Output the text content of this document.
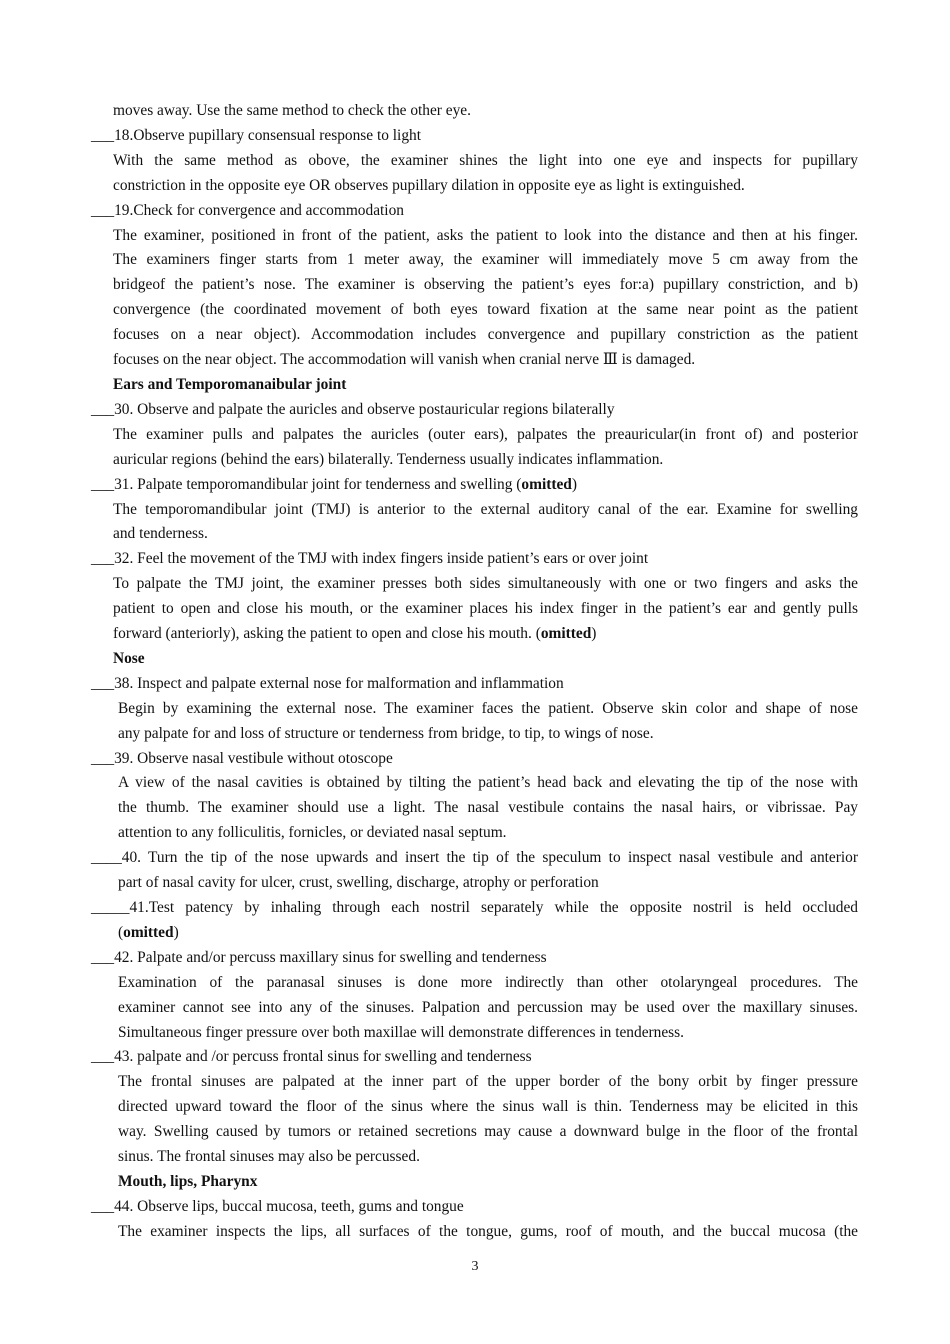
moves away. Use the same method to check the other eye.
___18.Observe pupillary consensual response to light
With the same method as obove, the examiner shines the light into one eye and inspects for pupillary
constriction in the opposite eye OR observes pupillary dilation in opposite eye as light is extinguished.
___19.Check for convergence and accommodation
The examiner, positioned in front of the patient, asks the patient to look into the distance and then at his finger.
The examiners finger starts from 1 meter away, the examiner will immediately move 5 cm away from the
bridgeof the patient’s nose. The examiner is observing the patient’s eyes for:a) pupillary constriction, and b)
convergence (the coordinated movement of both eyes toward fixation at the same near point as the patient
focuses on a near object). Accommodation includes convergence and pupillary constriction as the patient
focuses on the near object. The accommodation will vanish when cranial nerve Ⅲ is damaged.
Ears and Temporomanaibular joint
___30. Observe and palpate the auricles and observe postauricular regions bilaterally
The examiner pulls and palpates the auricles (outer ears), palpates the preauricular(in front of) and posterior
auricular regions (behind the ears) bilaterally. Tenderness usually indicates inflammation.
___31. Palpate temporomandibular joint for tenderness and swelling (omitted)
The temporomandibular joint (TMJ) is anterior to the external auditory canal of the ear. Examine for swelling
and tenderness.
___32. Feel the movement of the TMJ with index fingers inside patient’s ears or over joint
To palpate the TMJ joint, the examiner presses both sides simultaneously with one or two fingers and asks the
patient to open and close his mouth, or the examiner places his index finger in the patient’s ear and gently pulls
forward (anteriorly), asking the patient to open and close his mouth. (omitted)
Nose
___38. Inspect and palpate external nose for malformation and inflammation
Begin by examining the external nose. The examiner faces the patient. Observe skin color and shape of nose
any palpate for and loss of structure or tenderness from bridge, to tip, to wings of nose.
___39. Observe nasal vestibule without otoscope
A view of the nasal cavities is obtained by tilting the patient’s head back and elevating the tip of the nose with
the thumb. The examiner should use a light. The nasal vestibule contains the nasal hairs, or vibrissae. Pay
attention to any folliculitis, fornicles, or deviated nasal septum.
____40. Turn the tip of the nose upwards and insert the tip of the speculum to inspect nasal vestibule and anterior
part of nasal cavity for ulcer, crust, swelling, discharge, atrophy or perforation
_____41.Test patency by inhaling through each nostril separately while the opposite nostril is held occluded
(omitted)
___42. Palpate and/or percuss maxillary sinus for swelling and tenderness
Examination of the paranasal sinuses is done more indirectly than other otolaryngeal procedures. The
examiner cannot see into any of the sinuses. Palpation and percussion may be used over the maxillary sinuses.
Simultaneous finger pressure over both maxillae will demonstrate differences in tenderness.
___43. palpate and /or percuss frontal sinus for swelling and tenderness
The frontal sinuses are palpated at the inner part of the upper border of the bony orbit by finger pressure
directed upward toward the floor of the sinus where the sinus wall is thin. Tenderness may be elicited in this
way. Swelling caused by tumors or retained secretions may cause a downward bulge in the floor of the frontal
sinus. The frontal sinuses may also be percussed.
Mouth, lips, Pharynx
___44. Observe lips, buccal mucosa, teeth, gums and tongue
The examiner inspects the lips, all surfaces of the tongue, gums, roof of mouth, and the buccal mucosa (the
3
